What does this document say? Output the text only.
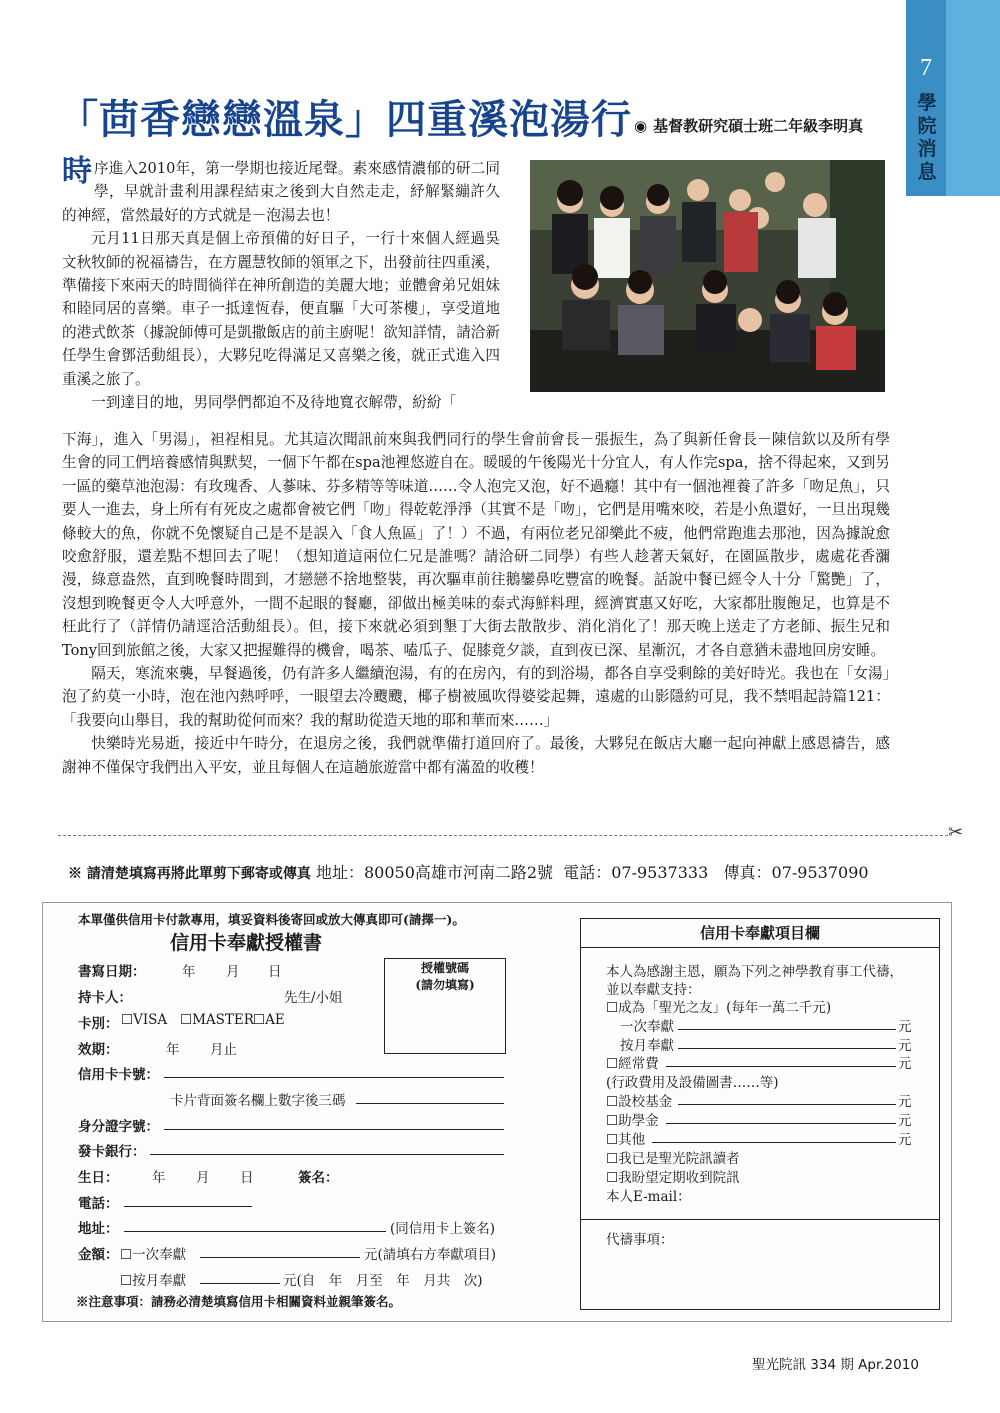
7
學院消息
「茴香戀戀溫泉」四重溪泡湯行 ◉ 基督教研究碩士班二年級李明真

時序進入2010年，第一學期也接近尾聲。素來感情濃郁的研二同學，早就計畫利用課程結束之後到大自然走走，紓解緊繃許久的神經，當然最好的方式就是－泡湯去也！

元月11日那天真是個上帝預備的好日子，一行十來個人經過吳文秋牧師的祝福禱告，在方麗慧牧師的領軍之下，出發前往四重溪，準備接下來兩天的時間徜徉在神所創造的美麗大地；並體會弟兄姐妹和睦同居的喜樂。車子一抵達恆春，便直驅「大可茶樓」，享受道地的港式飲茶（據說師傅可是凱撒飯店的前主廚呢！欲知詳情，請洽新任學生會鄧活動組長），大夥兒吃得滿足又喜樂之後，就正式進入四重溪之旅了。

一到達目的地，男同學們都迫不及待地寬衣解帶，紛紛「

下海」，進入「男湯」，袒裎相見。尤其這次聞訊前來與我們同行的學生會前會長－張振生，為了與新任會長－陳信欽以及所有學生會的同工們培養感情與默契，一個下午都在spa池裡悠遊自在。暖暖的午後陽光十分宜人，有人作完spa，捨不得起來，又到另一區的藥草池泡湯：有玫瑰香、人蔘味、芬多精等等味道……令人泡完又泡，好不過癮！其中有一個池裡養了許多「吻足魚」，只要人一進去，身上所有有死皮之處都會被它們「吻」得乾乾淨淨（其實不是「吻」，它們是用嘴來咬，若是小魚還好，一旦出現幾條較大的魚，你就不免懷疑自己是不是誤入「食人魚區」了！）不過，有兩位老兄卻樂此不疲，他們常跑進去那池，因為據說愈咬愈舒服，還差點不想回去了呢！（想知道這兩位仁兄是誰嗎？請洽研二同學）有些人趁著天氣好，在園區散步，處處花香瀰漫，綠意盎然，直到晚餐時間到，才戀戀不捨地整裝，再次驅車前往鵝鑾鼻吃豐富的晚餐。話說中餐已經令人十分「驚艷」了，沒想到晚餐更令人大呼意外，一間不起眼的餐廳，卻做出極美味的泰式海鮮料理，經濟實惠又好吃，大家都肚腹飽足，也算是不枉此行了（詳情仍請逕洽活動組長）。但，接下來就必須到墾丁大街去散散步、消化消化了！那天晚上送走了方老師、振生兄和Tony回到旅館之後，大家又把握難得的機會，喝茶、嗑瓜子、促膝竟夕談，直到夜已深、星漸沉，才各自意猶未盡地回房安睡。

隔天，寒流來襲，早餐過後，仍有許多人繼續泡湯，有的在房內，有的到浴場，都各自享受剩餘的美好時光。我也在「女湯」泡了約莫一小時，泡在池內熱呼呼，一眼望去冷颼颼，椰子樹被風吹得婆娑起舞，遠處的山影隱約可見，我不禁唱起詩篇121：「我要向山舉目，我的幫助從何而來？我的幫助從造天地的耶和華而來……」

快樂時光易逝，接近中午時分，在退房之後，我們就準備打道回府了。最後，大夥兒在飯店大廳一起向神獻上感恩禱告，感謝神不僅保守我們出入平安，並且每個人在這趟旅遊當中都有滿盈的收穫！

✂
※ 請清楚填寫再將此單剪下郵寄或傳真 地址：80050高雄市河南二路2號 電話：07-9537333 傳真：07-9537090
本單僅供信用卡付款專用，填妥資料後寄回或放大傳真即可(請擇一)。
信用卡奉獻授權書
書寫日期：	年 月 日	授權號碼
(請勿填寫)
持卡人：	先生/小姐
卡別： ☐VISA ☐MASTER ☐AE
效期：	年 月止
信用卡卡號：
卡片背面簽名欄上數字後三碼
身分證字號：
發卡銀行：
生日： 年 月 日	簽名：
電話：
地址：	(同信用卡上簽名)
金額： ☐一次奉獻	元(請填右方奉獻項目)
☐按月奉獻	元(自　年　月至　年　月共　次)
※注意事項：請務必清楚填寫信用卡相關資料並親筆簽名。
信用卡奉獻項目欄
本人為感謝主恩，願為下列之神學教育事工代禱，
並以奉獻支持：
☐成為「聖光之友」(每年一萬二千元)
一次奉獻	元
按月奉獻	元
☐經常費	元
(行政費用及設備圖書……等)
☐設校基金	元
☐助學金	元
☐其他	元
☐我已是聖光院訊讀者
☐我盼望定期收到院訊
本人E-mail：
代禱事項：
聖光院訊 334 期 Apr.2010
